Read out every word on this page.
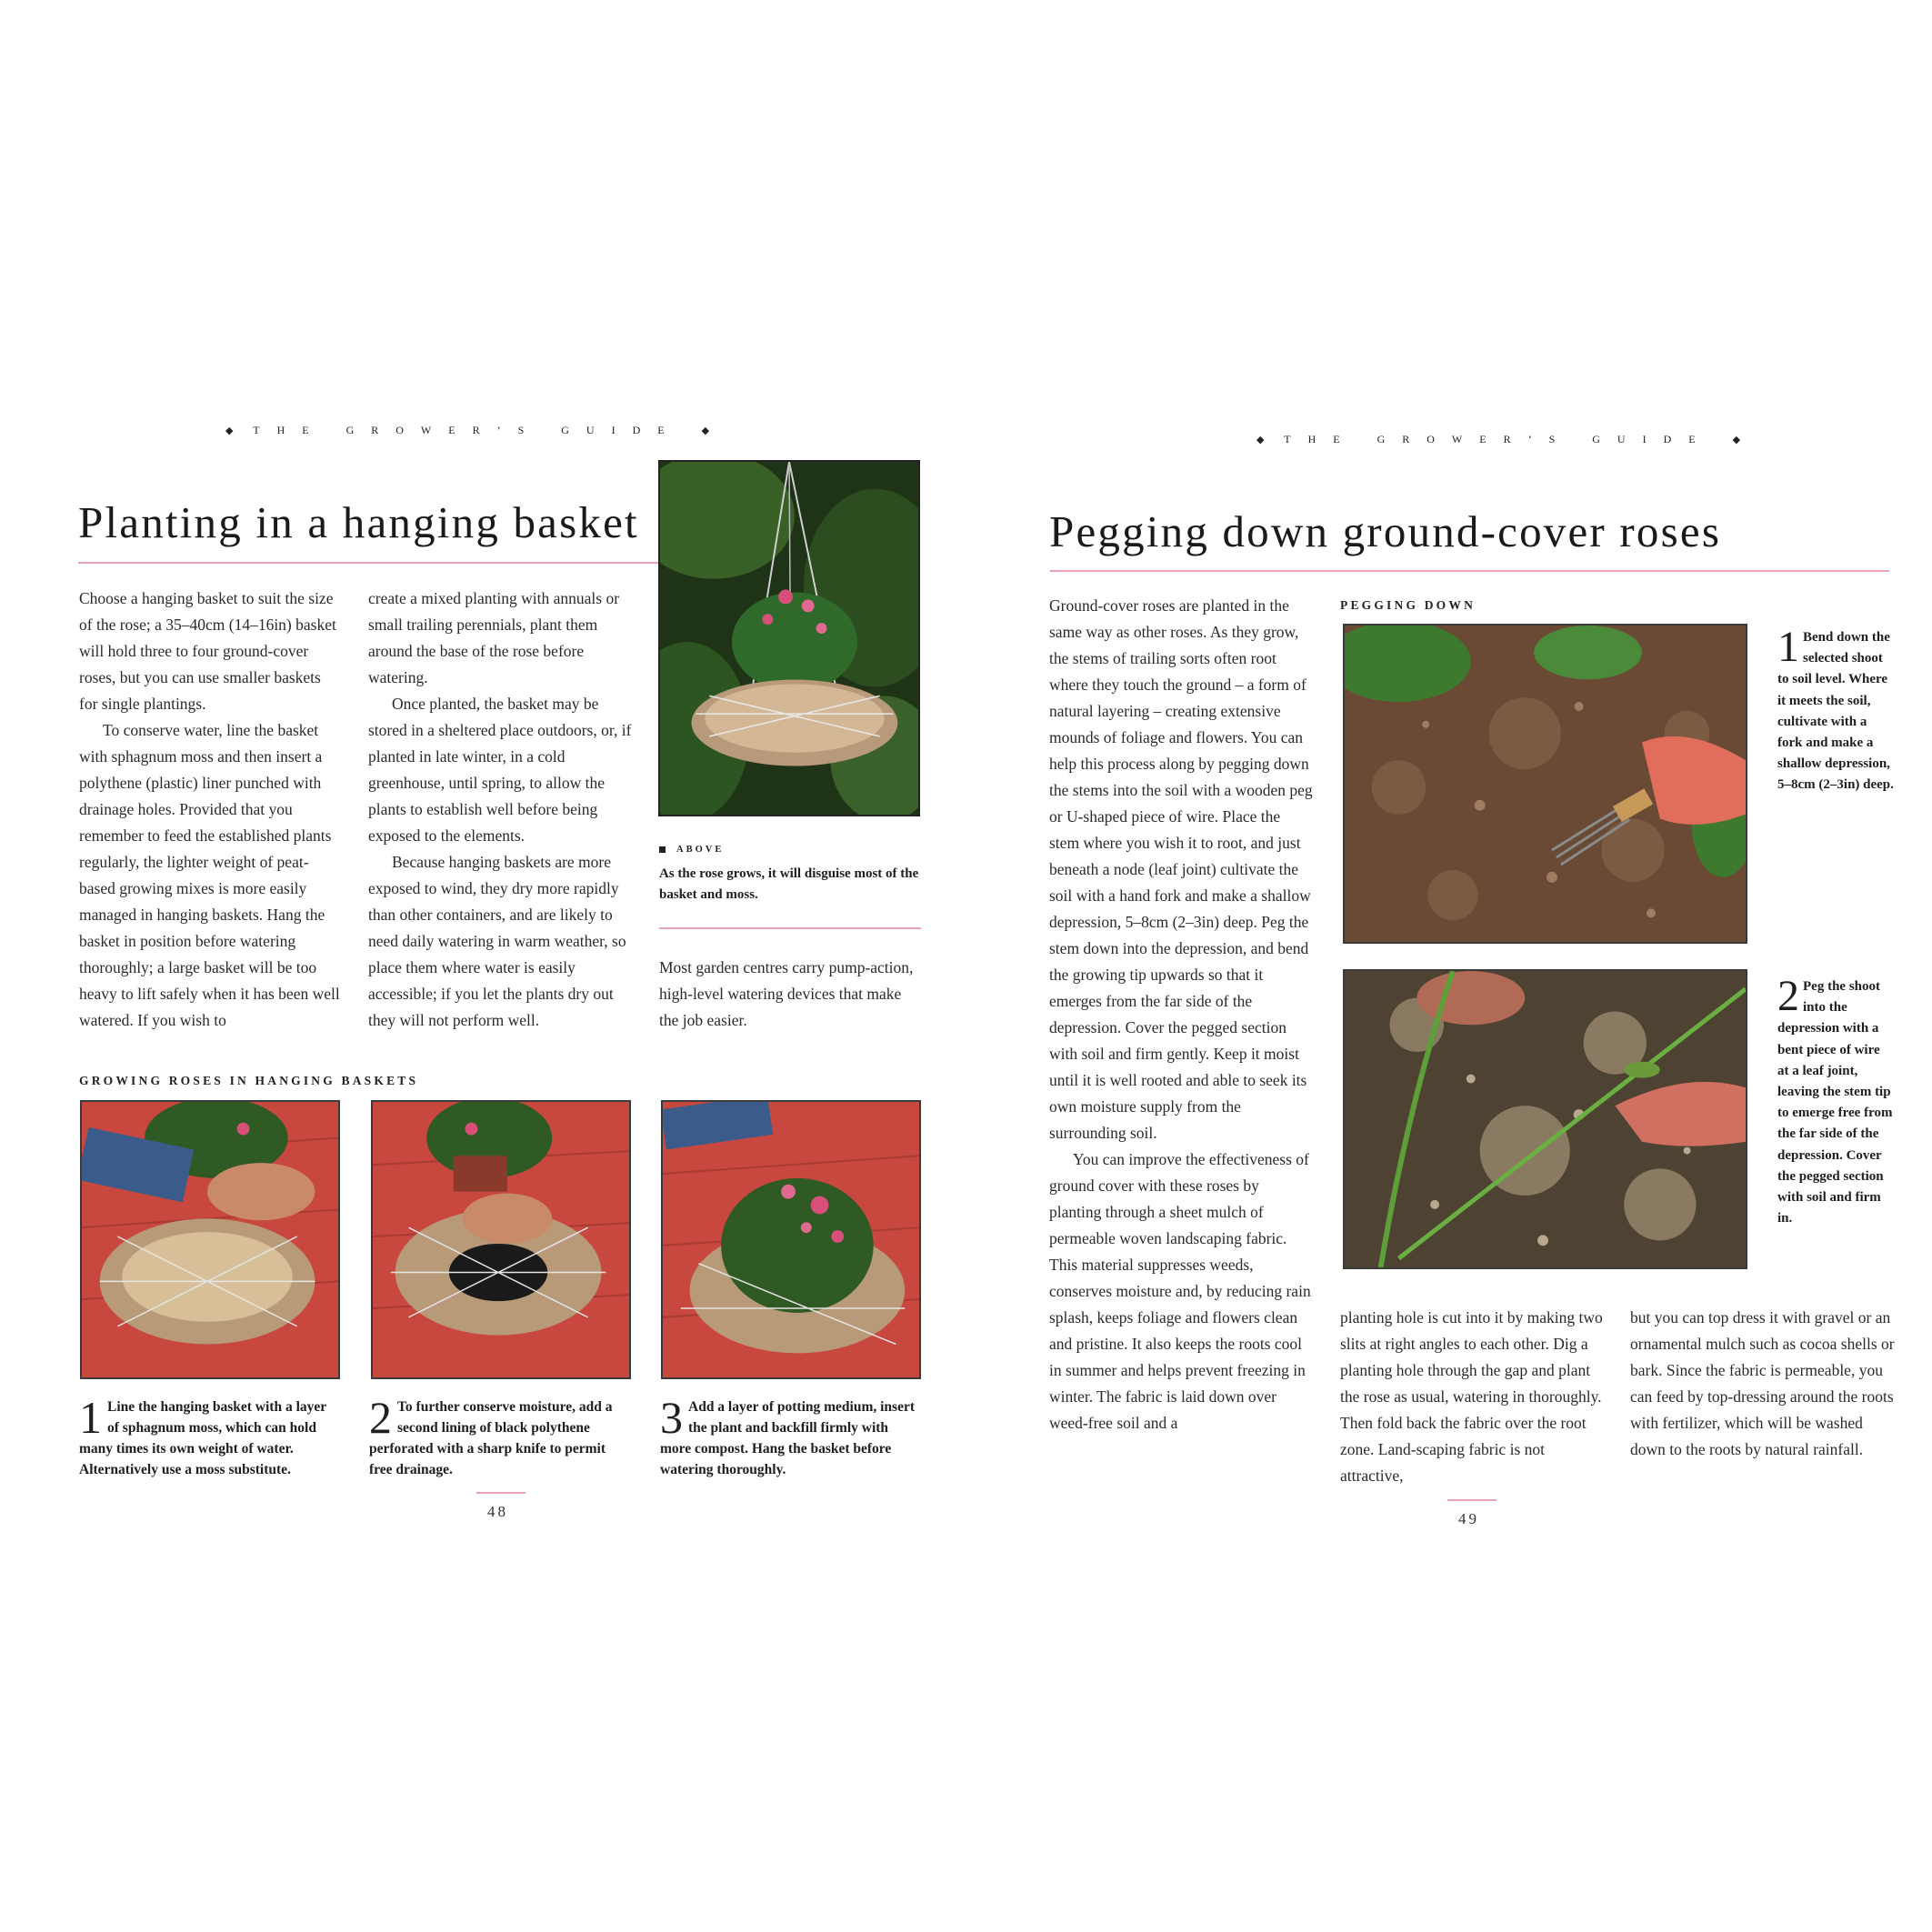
◆ THE GROWER’S GUIDE ◆
Planting in a hanging basket

Choose a hanging basket to suit the size of the rose; a 35–40cm (14–16in) basket will hold three to four ground-cover roses, but you can use smaller baskets for single plantings.

To conserve water, line the basket with sphagnum moss and then insert a polythene (plastic) liner punched with drainage holes. Provided that you remember to feed the established plants regularly, the lighter weight of peat-based growing mixes is more easily managed in hanging baskets. Hang the basket in position before watering thoroughly; a large basket will be too heavy to lift safely when it has been well watered. If you wish to

create a mixed planting with annuals or small trailing perennials, plant them around the base of the rose before watering.

Once planted, the basket may be stored in a sheltered place outdoors, or, if planted in late winter, in a cold greenhouse, until spring, to allow the plants to establish well before being exposed to the elements.

Because hanging baskets are more exposed to wind, they dry more rapidly than other containers, and are likely to need daily watering in warm weather, so place them where water is easily accessible; if you let the plants dry out they will not perform well.

ABOVE
As the rose grows, it will disguise most of the basket and moss.

Most garden centres carry pump-action, high-level watering devices that make the job easier.

GROWING ROSES IN HANGING BASKETS
1 Line the hanging basket with a layer of sphagnum moss, which can hold many times its own weight of water. Alternatively use a moss substitute.
2 To further conserve moisture, add a second lining of black polythene perforated with a sharp knife to permit free drainage.
3 Add a layer of potting medium, insert the plant and backfill firmly with more compost. Hang the basket before watering thoroughly.
48
◆ THE GROWER’S GUIDE ◆
Pegging down ground-cover roses

Ground-cover roses are planted in the same way as other roses. As they grow, the stems of trailing sorts often root where they touch the ground – a form of natural layering – creating extensive mounds of foliage and flowers. You can help this process along by pegging down the stems into the soil with a wooden peg or U-shaped piece of wire. Place the stem where you wish it to root, and just beneath a node (leaf joint) cultivate the soil with a hand fork and make a shallow depression, 5–8cm (2–3in) deep. Peg the stem down into the depression, and bend the growing tip upwards so that it emerges from the far side of the depression. Cover the pegged section with soil and firm gently. Keep it moist until it is well rooted and able to seek its own moisture supply from the surrounding soil.

You can improve the effectiveness of ground cover with these roses by planting through a sheet mulch of permeable woven landscaping fabric. This material suppresses weeds, conserves moisture and, by reducing rain splash, keeps foliage and flowers clean and pristine. It also keeps the roots cool in summer and helps prevent freezing in winter. The fabric is laid down over weed-free soil and a

PEGGING DOWN
1 Bend down the selected shoot to soil level. Where it meets the soil, cultivate with a fork and make a shallow depression, 5–8cm (2–3in) deep.
2 Peg the shoot into the depression with a bent piece of wire at a leaf joint, leaving the stem tip to emerge free from the far side of the depression. Cover the pegged section with soil and firm in.

planting hole is cut into it by making two slits at right angles to each other. Dig a planting hole through the gap and plant the rose as usual, watering in thoroughly. Then fold back the fabric over the root zone. Land-scaping fabric is not attractive,

but you can top dress it with gravel or an ornamental mulch such as cocoa shells or bark. Since the fabric is permeable, you can feed by top-dressing around the roots with fertilizer, which will be washed down to the roots by natural rainfall.

49
